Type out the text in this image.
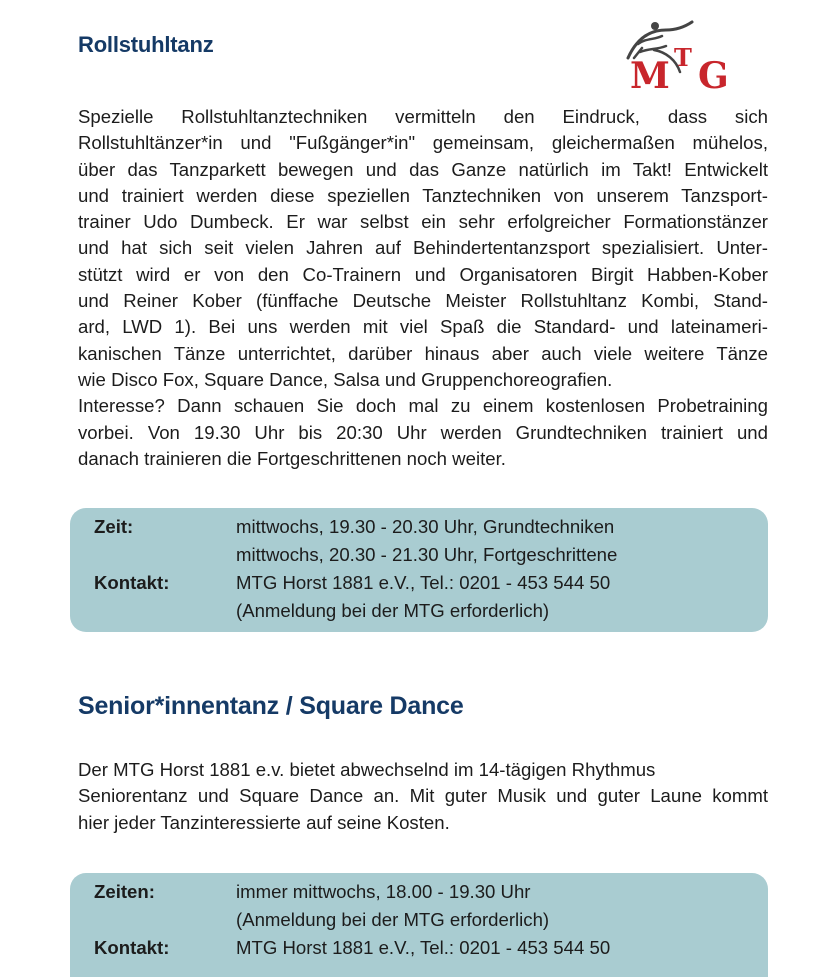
Rollstuhltanz
M T G
Spezielle Rollstuhltanztechniken vermitteln den Eindruck, dass sich
Rollstuhltänzer*in und "Fußgänger*in" gemeinsam, gleichermaßen mühelos,
über das Tanzparkett bewegen und das Ganze natürlich im Takt! Entwickelt
und trainiert werden diese speziellen Tanztechniken von unserem Tanzsport-
trainer Udo Dumbeck. Er war selbst ein sehr erfolgreicher Formationstänzer
und hat sich seit vielen Jahren auf Behindertentanzsport spezialisiert. Unter-
stützt wird er von den Co-Trainern und Organisatoren Birgit Habben-Kober
und Reiner Kober (fünffache Deutsche Meister Rollstuhltanz Kombi, Stand-
ard, LWD 1). Bei uns werden mit viel Spaß die Standard- und lateinameri-
kanischen Tänze unterrichtet, darüber hinaus aber auch viele weitere Tänze
wie Disco Fox, Square Dance, Salsa und Gruppenchoreografien.
Interesse? Dann schauen Sie doch mal zu einem kostenlosen Probetraining
vorbei. Von 19.30 Uhr bis 20:30 Uhr werden Grundtechniken trainiert und
danach trainieren die Fortgeschrittenen noch weiter.
Zeit:	mittwochs, 19.30 - 20.30 Uhr, Grundtechniken
mittwochs, 20.30 - 21.30 Uhr, Fortgeschrittene
Kontakt:	MTG Horst 1881 e.V., Tel.: 0201 - 453 544 50
(Anmeldung bei der MTG erforderlich)
Senior*innentanz / Square Dance
Der MTG Horst 1881 e.v. bietet abwechselnd im 14-tägigen Rhythmus
Seniorentanz und Square Dance an. Mit guter Musik und guter Laune kommt
hier jeder Tanzinteressierte auf seine Kosten.
Zeiten:	immer mittwochs, 18.00 - 19.30 Uhr
(Anmeldung bei der MTG erforderlich)
Kontakt:	MTG Horst 1881 e.V., Tel.: 0201 - 453 544 50
